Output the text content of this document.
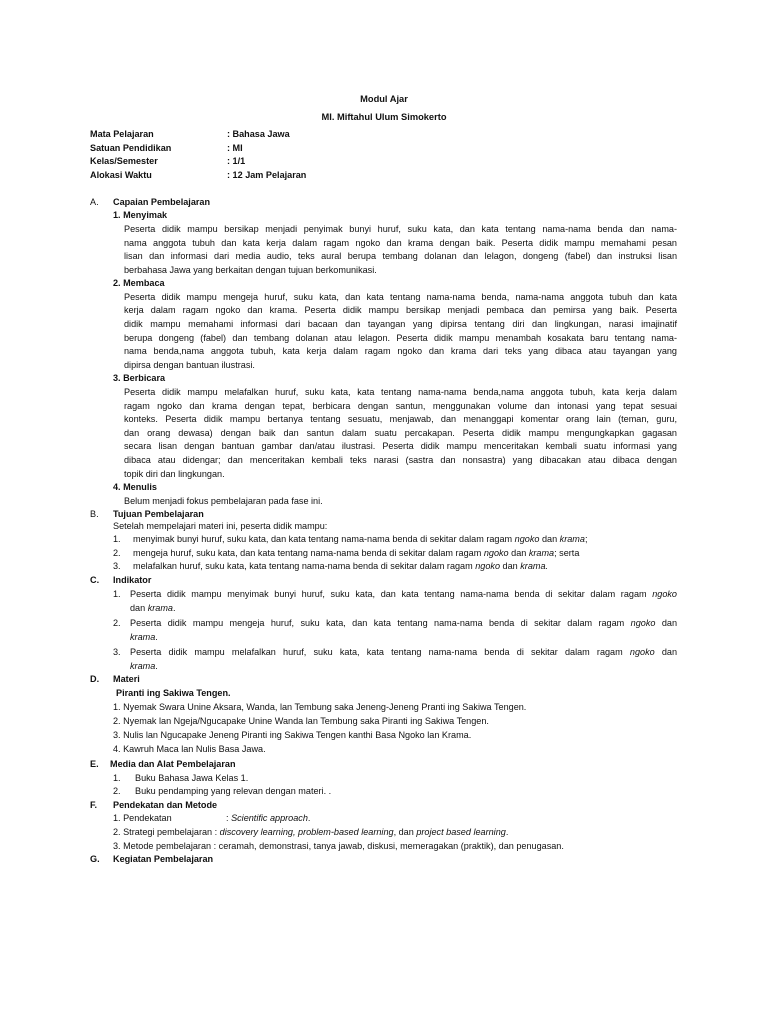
Modul Ajar
MI. Miftahul Ulum Simokerto
Mata Pelajaran	: Bahasa Jawa
Satuan Pendidikan	: MI
Kelas/Semester	: 1/1
Alokasi Waktu	: 12 Jam Pelajaran
A. Capaian Pembelajaran
1. Menyimak
Peserta didik mampu bersikap menjadi penyimak bunyi huruf, suku kata, dan kata tentang nama-nama benda dan nama-
nama anggota tubuh dan kata kerja dalam ragam ngoko dan krama dengan baik. Peserta didik mampu memahami pesan
lisan dan informasi dari media audio, teks aural berupa tembang dolanan dan lelagon, dongeng (fabel) dan instruksi lisan
berbahasa Jawa yang berkaitan dengan tujuan berkomunikasi.
2. Membaca
Peserta didik mampu mengeja huruf, suku kata, dan kata tentang nama-nama benda, nama-nama anggota tubuh dan kata
kerja dalam ragam ngoko dan krama. Peserta didik mampu bersikap menjadi pembaca dan pemirsa yang baik. Peserta
didik mampu memahami informasi dari bacaan dan tayangan yang dipirsa tentang diri dan lingkungan, narasi imajinatif
berupa dongeng (fabel) dan tembang dolanan atau lelagon. Peserta didik mampu menambah kosakata baru tentang nama-
nama benda,nama anggota tubuh, kata kerja dalam ragam ngoko dan krama dari teks yang dibaca atau tayangan yang
dipirsa dengan bantuan ilustrasi.
3. Berbicara
Peserta didik mampu melafalkan huruf, suku kata, kata tentang nama-nama benda,nama anggota tubuh, kata kerja dalam
ragam ngoko dan krama dengan tepat, berbicara dengan santun, menggunakan volume dan intonasi yang tepat sesuai
konteks. Peserta didik mampu bertanya tentang sesuatu, menjawab, dan menanggapi komentar orang lain (teman, guru,
dan orang dewasa) dengan baik dan santun dalam suatu percakapan. Peserta didik mampu mengungkapkan gagasan
secara lisan dengan bantuan gambar dan/atau ilustrasi. Peserta didik mampu menceritakan kembali suatu informasi yang
dibaca atau didengar; dan menceritakan kembali teks narasi (sastra dan nonsastra) yang dibacakan atau dibaca dengan
topik diri dan lingkungan.
4. Menulis
Belum menjadi fokus pembelajaran pada fase ini.
B. Tujuan Pembelajaran
Setelah mempelajari materi ini, peserta didik mampu:
1. menyimak bunyi huruf, suku kata, dan kata tentang nama-nama benda di sekitar dalam ragam ngoko dan krama;
2. mengeja huruf, suku kata, dan kata tentang nama-nama benda di sekitar dalam ragam ngoko dan krama; serta
3. melafalkan huruf, suku kata, kata tentang nama-nama benda di sekitar dalam ragam ngoko dan krama.
C. Indikator
1. Peserta didik mampu menyimak bunyi huruf, suku kata, dan kata tentang nama-nama benda di sekitar dalam ragam ngoko
dan krama.
2. Peserta didik mampu mengeja huruf, suku kata, dan kata tentang nama-nama benda di sekitar dalam ragam ngoko dan
krama.
3. Peserta didik mampu melafalkan huruf, suku kata, kata tentang nama-nama benda di sekitar dalam ragam ngoko dan
krama.
D. Materi
Piranti ing Sakiwa Tengen.
1. Nyemak Swara Unine Aksara, Wanda, lan Tembung saka Jeneng-Jeneng Pranti ing Sakiwa Tengen.
2. Nyemak lan Ngeja/Ngucapake Unine Wanda lan Tembung saka Piranti ing Sakiwa Tengen.
3. Nulis lan Ngucapake Jeneng Piranti ing Sakiwa Tengen kanthi Basa Ngoko lan Krama.
4. Kawruh Maca lan Nulis Basa Jawa.
E. Media dan Alat Pembelajaran
1. Buku Bahasa Jawa Kelas 1.
2. Buku pendamping yang relevan dengan materi. .
F. Pendekatan dan Metode
1. Pendekatan	: Scientific approach.
2. Strategi pembelajaran : discovery learning, problem-based learning, dan project based learning.
3. Metode pembelajaran : ceramah, demonstrasi, tanya jawab, diskusi, memeragakan (praktik), dan penugasan.
G. Kegiatan Pembelajaran
